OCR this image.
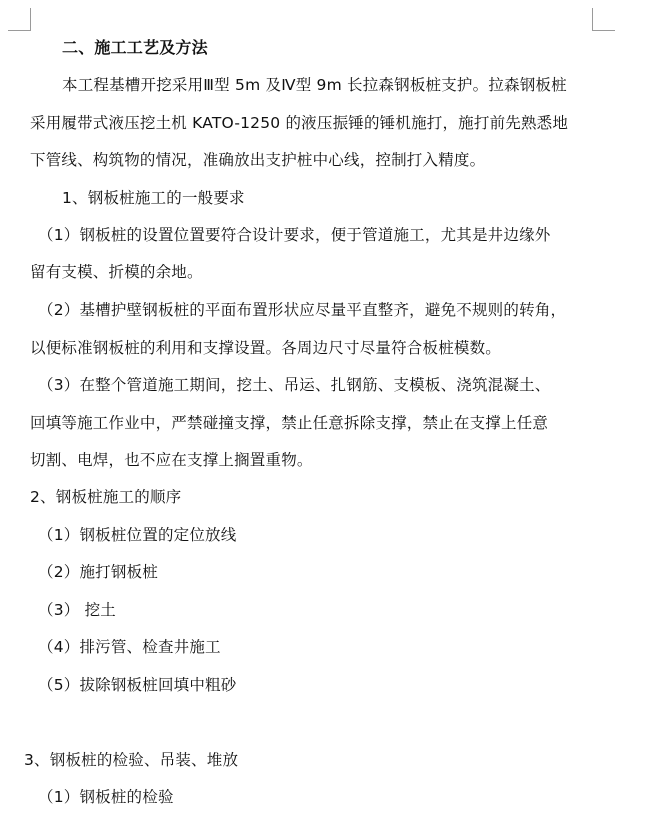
二、施工工艺及方法
本工程基槽开挖采用Ⅲ型 5m 及Ⅳ型 9m 长拉森钢板桩支护。拉森钢板桩
采用履带式液压挖土机 KATO-1250 的液压振锤的锤机施打，施打前先熟悉地
下管线、构筑物的情况，准确放出支护桩中心线，控制打入精度。
1、钢板桩施工的一般要求
（1）钢板桩的设置位置要符合设计要求，便于管道施工，尤其是井边缘外
留有支模、折模的余地。
（2）基槽护壁钢板桩的平面布置形状应尽量平直整齐，避免不规则的转角，
以便标准钢板桩的利用和支撑设置。各周边尺寸尽量符合板桩模数。
（3）在整个管道施工期间，挖土、吊运、扎钢筋、支模板、浇筑混凝土、
回填等施工作业中，严禁碰撞支撑，禁止任意拆除支撑，禁止在支撑上任意
切割、电焊，也不应在支撑上搁置重物。
2、钢板桩施工的顺序
（1）钢板桩位置的定位放线
（2）施打钢板桩
（3） 挖土
（4）排污管、检查井施工
（5）拔除钢板桩回填中粗砂
3、钢板桩的检验、吊装、堆放
（1）钢板桩的检验
